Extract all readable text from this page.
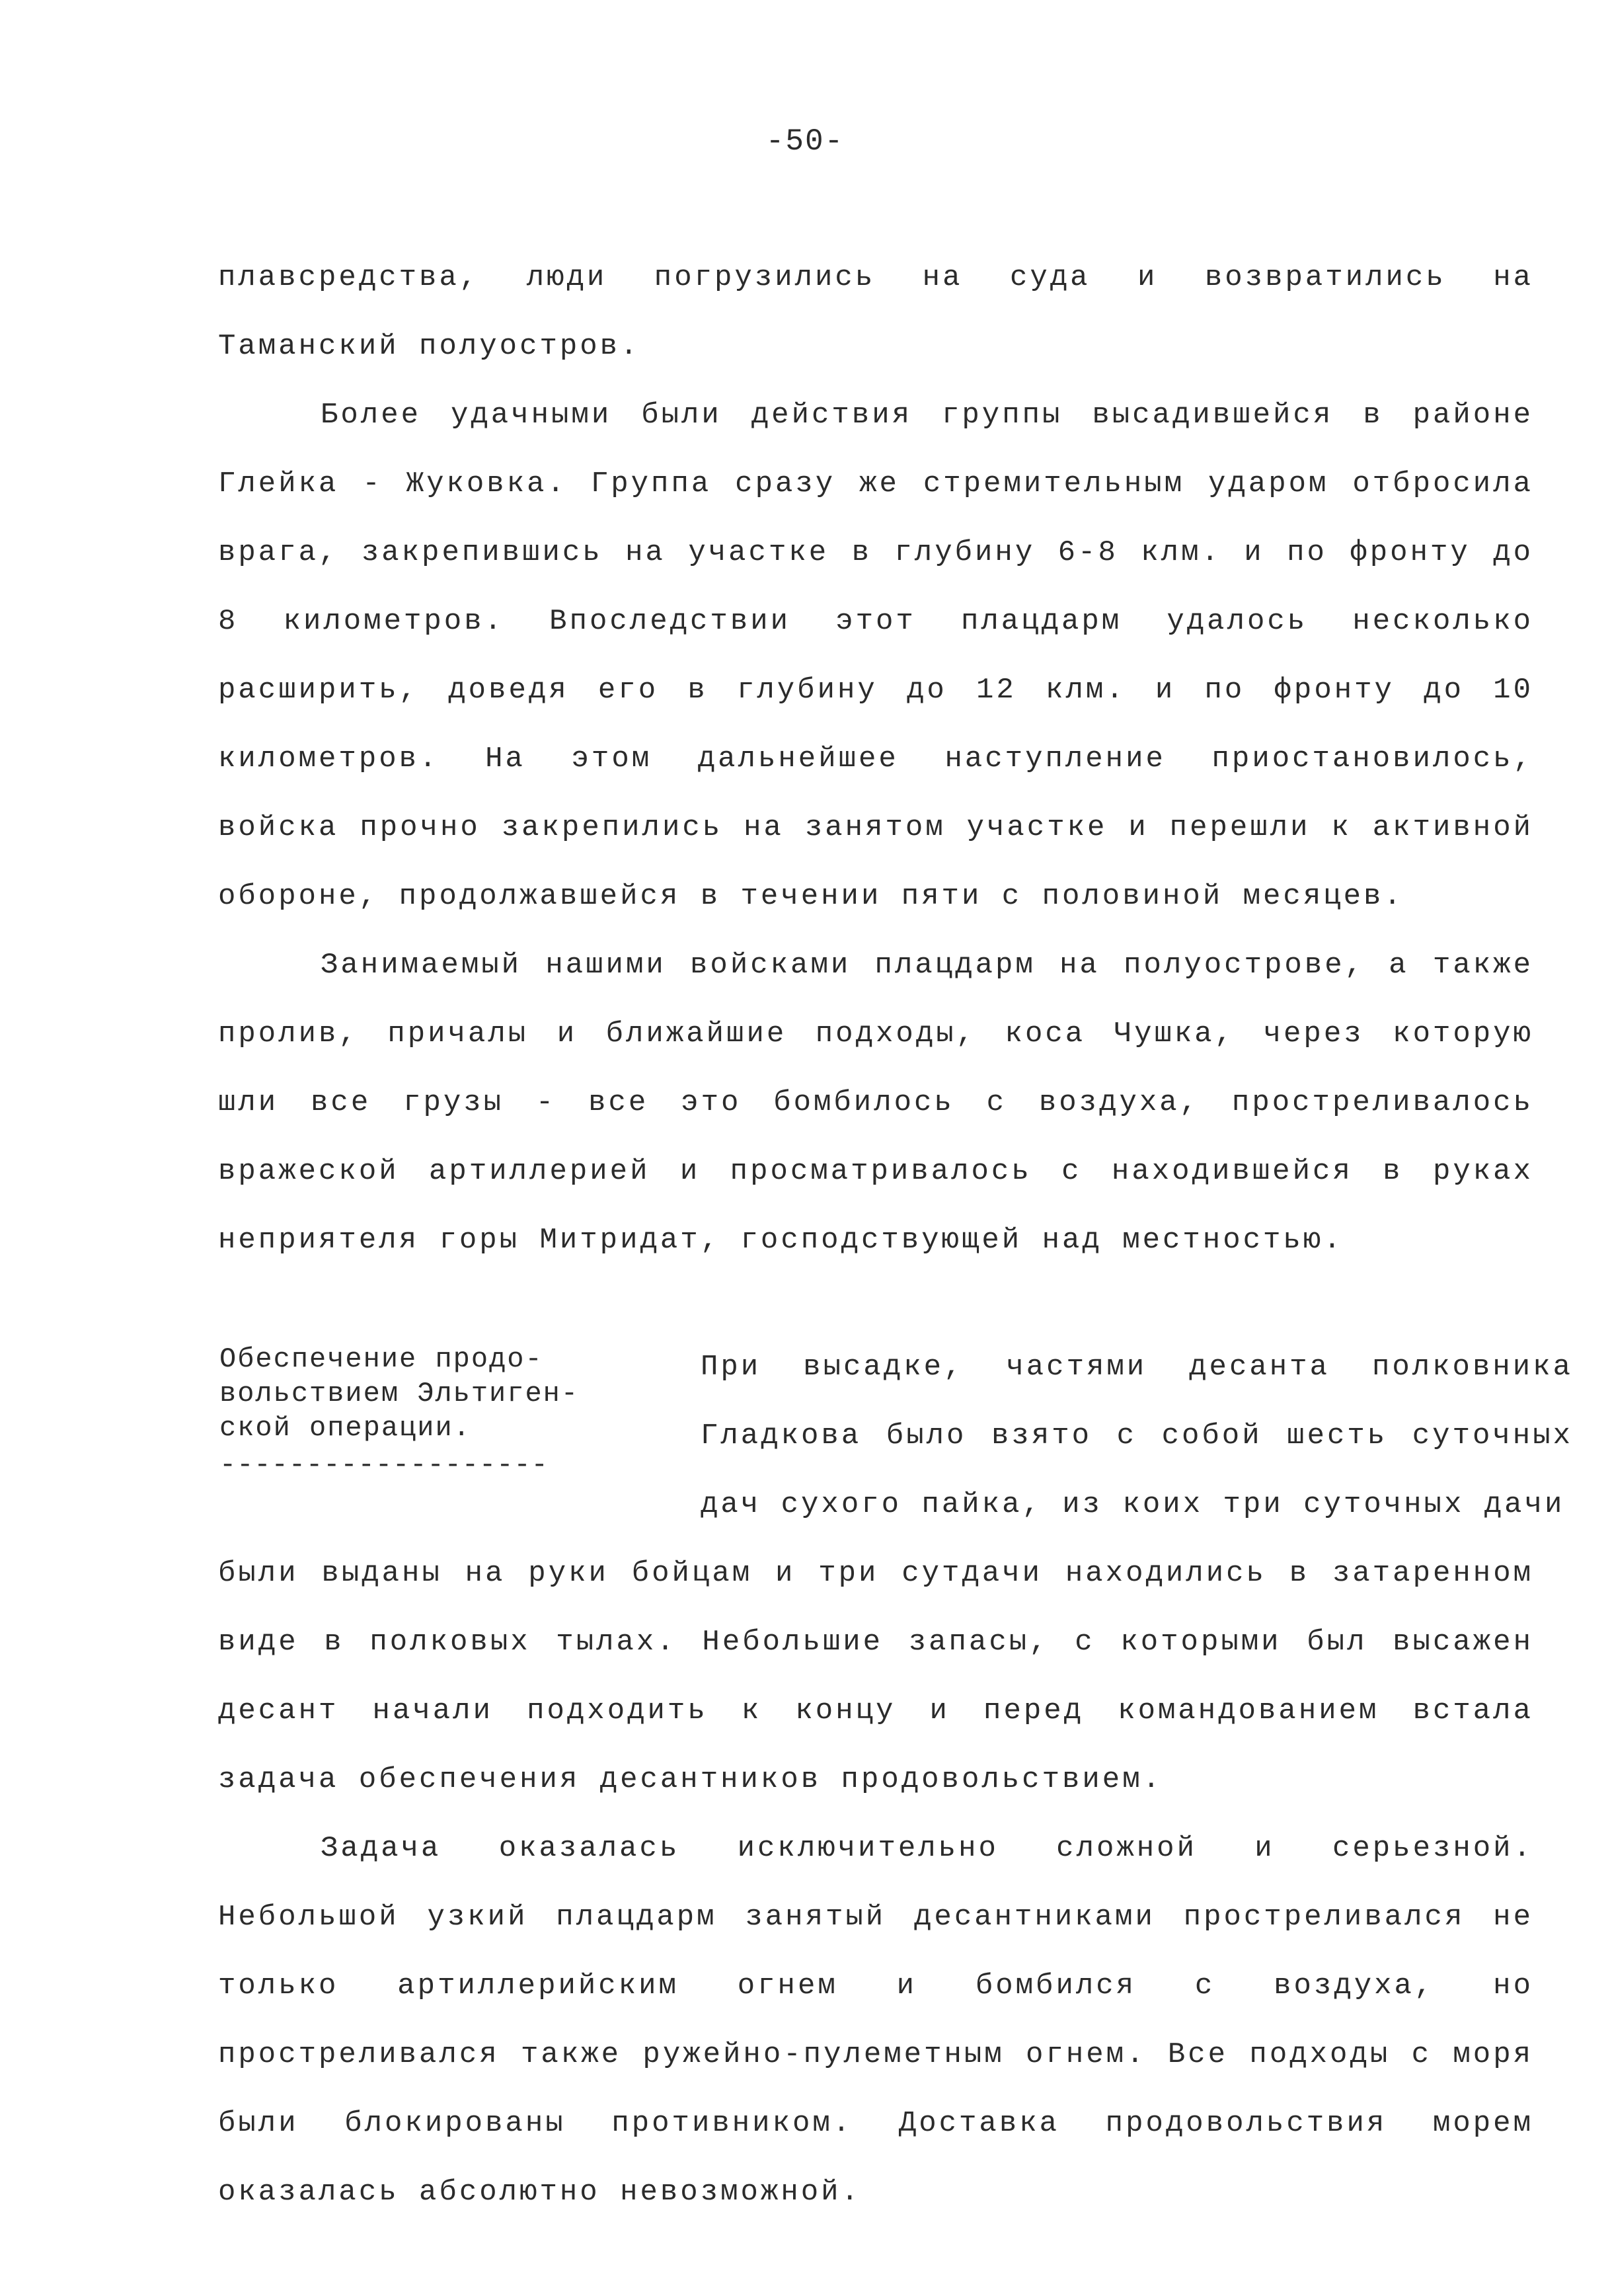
-50-

плавсредства, люди погрузились на суда и возвратились на Таманский полуостров.

Более удачными были действия группы высадившейся в районе Глейка - Жуковка. Группа сразу же стремительным ударом отбросила врага, закрепившись на участке в глубину 6-8 клм. и по фронту до 8 километров. Впоследствии этот плацдарм удалось несколько расширить, доведя его в глубину до 12 клм. и по фронту до 10 километров. На этом дальнейшее наступление приостановилось, войска прочно закрепились на занятом участке и перешли к активной обороне, продолжавшейся в течении пяти с половиной месяцев.

Занимаемый нашими войсками плацдарм на полуострове, а также пролив, причалы и ближайшие подходы, коса Чушка, через которую шли все грузы - все это бомбилось с воздуха, простреливалось вражеской артиллерией и просматривалось с находившейся в руках неприятеля горы Митридат, господствующей над местностью.

Обеспечение продо-
вольствием Эльтиген-
ской операции.
-------------------
При высадке, частями десанта полковника Гладкова было взято с собой шесть суточных дач сухого пайка, из коих три суточных дачи

были выданы на руки бойцам и три сутдачи находились в затаренном виде в полковых тылах. Небольшие запасы, с которыми был высажен десант начали подходить к концу и перед командованием встала задача обеспечения десантников продовольствием.

Задача оказалась исключительно сложной и серьезной. Небольшой узкий плацдарм занятый десантниками простреливался не только артиллерийским огнем и бомбился с воздуха, но простреливался также ружейно-пулеметным огнем. Все подходы с моря были блокированы противником. Доставка продовольствия морем оказалась абсолютно невозможной.
